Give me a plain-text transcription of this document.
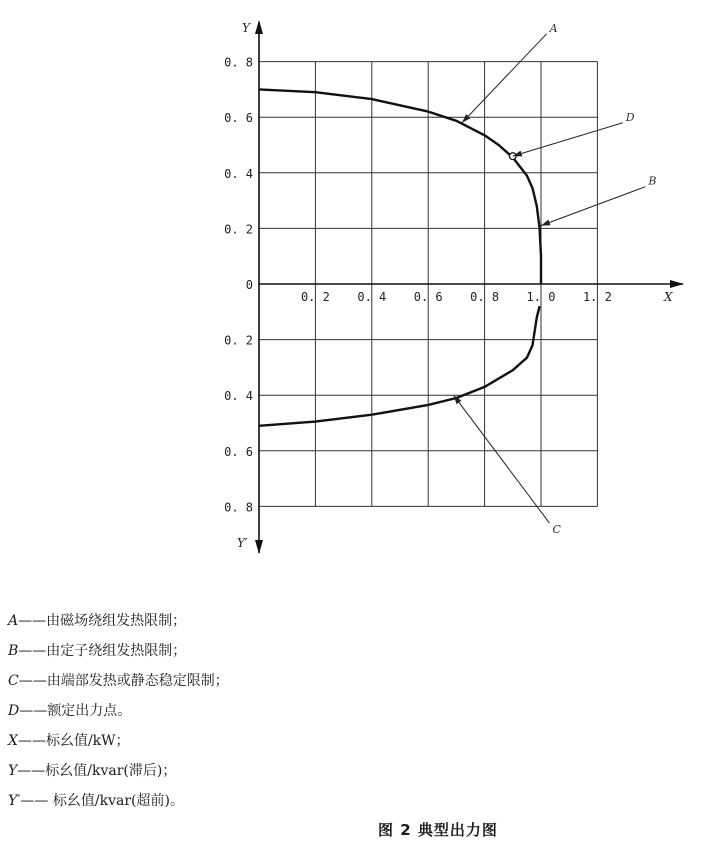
Y
Y′
X
0. 2 0. 4 0. 6 0. 8 1. 0 1. 2
0
0. 2
0. 4
0. 6
0. 8
0. 2
0. 4
0. 6
0. 8
A
D
B
C
A——由磁场绕组发热限制；
B——由定子绕组发热限制；
C——由端部发热或静态稳定限制；
D——额定出力点。
X——标幺值/kW；
Y——标幺值/kvar(滞后)；
Y′—— 标幺值/kvar(超前)。
图 2 典型出力图
